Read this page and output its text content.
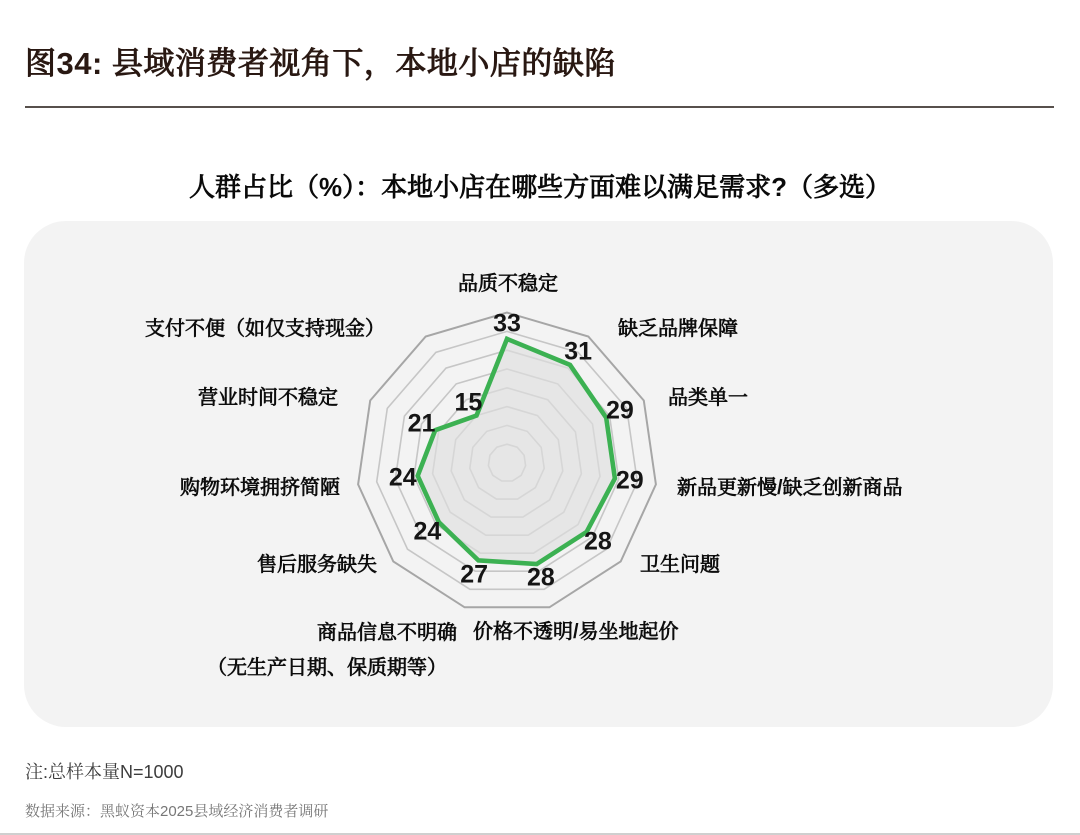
图34: 县域消费者视角下，本地小店的缺陷
人群占比（%）：本地小店在哪些方面难以满足需求?（多选）
33
31
29
29
28
28
27
24
24
21
15
品质不稳定
缺乏品牌保障
品类单一
新品更新慢/缺乏创新商品
卫生问题
价格不透明/易坐地起价
商品信息不明确
（无生产日期、保质期等）
售后服务缺失
购物环境拥挤简陋
营业时间不稳定
支付不便（如仅支持现金）
注:总样本量N=1000
数据来源：黑蚁资本2025县域经济消费者调研
